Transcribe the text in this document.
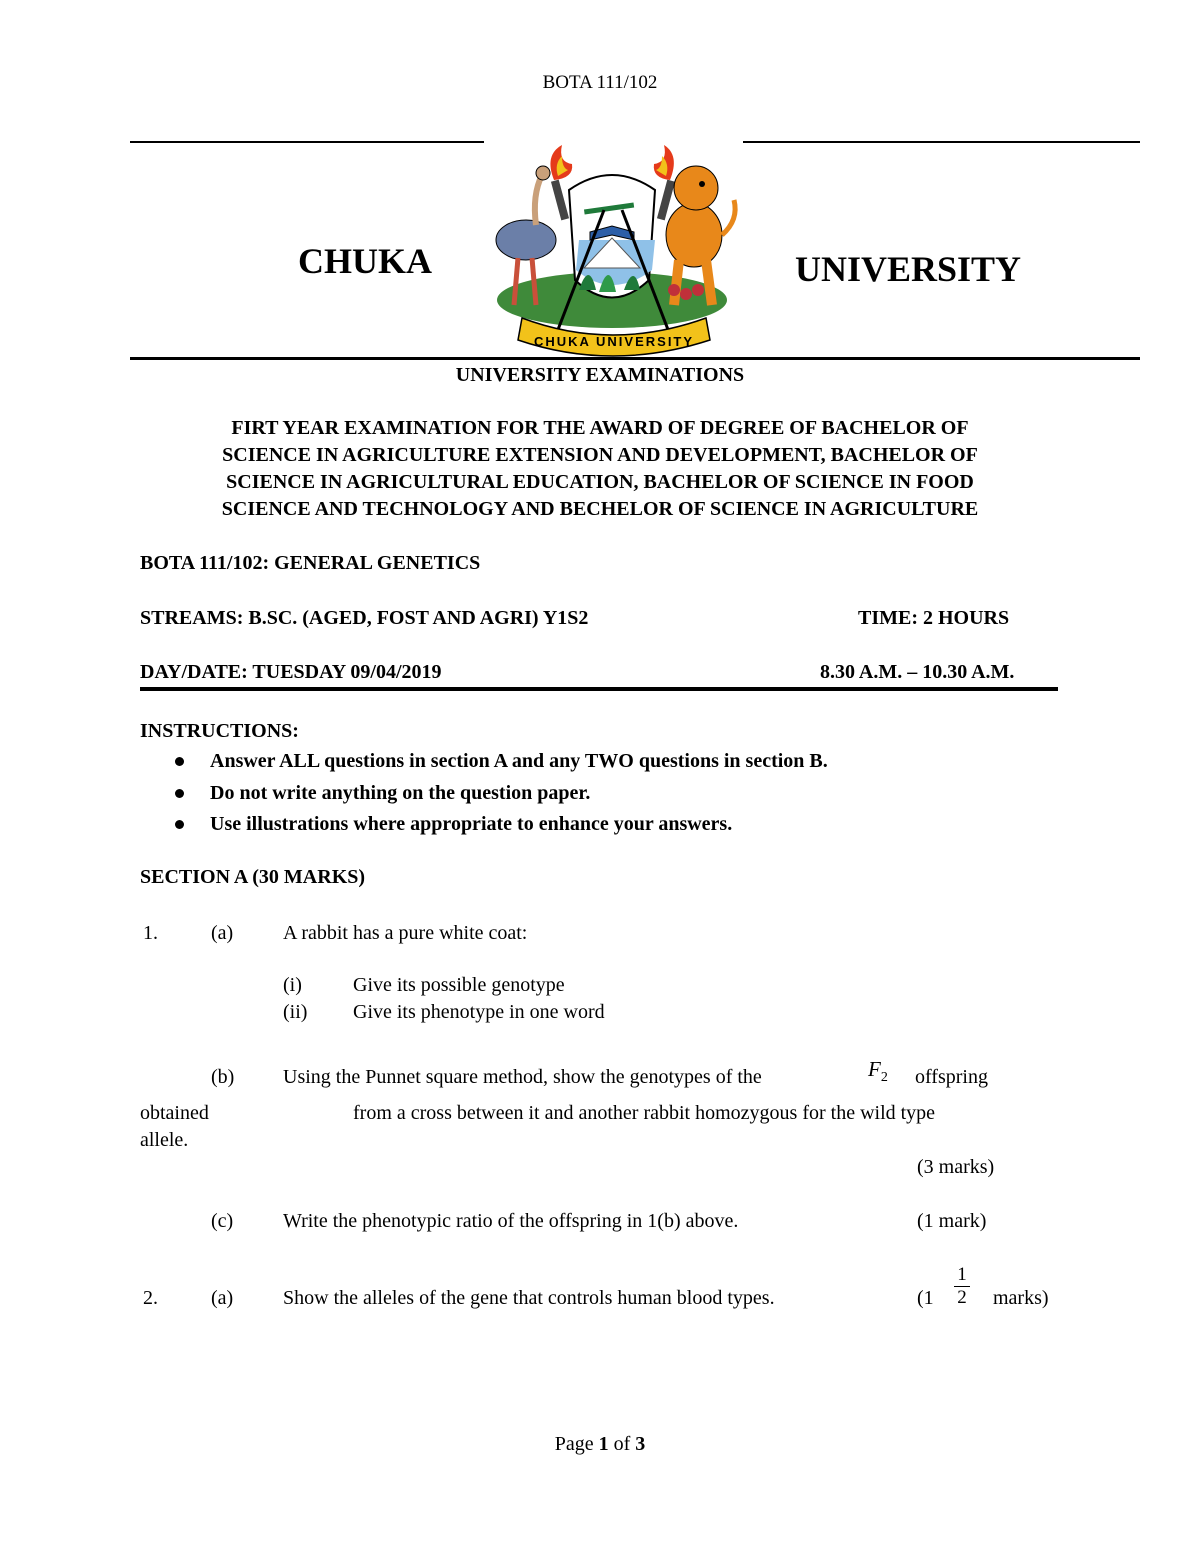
BOTA 111/102
CHUKA	UNIVERSITY
CHUKA UNIVERSITY
UNIVERSITY EXAMINATIONS
FIRT YEAR EXAMINATION FOR THE AWARD OF DEGREE OF BACHELOR OF
SCIENCE IN AGRICULTURE EXTENSION AND DEVELOPMENT, BACHELOR OF
SCIENCE IN AGRICULTURAL EDUCATION, BACHELOR OF SCIENCE IN FOOD
SCIENCE AND TECHNOLOGY AND BECHELOR OF SCIENCE IN AGRICULTURE
BOTA 111/102: GENERAL GENETICS
STREAMS: B.SC. (AGED, FOST AND AGRI) Y1S2	TIME: 2 HOURS
DAY/DATE: TUESDAY 09/04/2019	8.30 A.M. – 10.30 A.M.
INSTRUCTIONS:
Answer ALL questions in section A and any TWO questions in section B.
Do not write anything on the question paper.
Use illustrations where appropriate to enhance your answers.
SECTION A (30 MARKS)
1.	(a) A rabbit has a pure white coat:
(i)	Give its possible genotype
(ii) Give its phenotype in one word
(b) Using the Punnet square method, show the genotypes of the	$F_2$ offspring
obtained	from a cross between it and another rabbit homozygous for the wild type
allele.
(3 marks)
(c) Write the phenotypic ratio of the offspring in 1(b) above.	(1 mark)
2.	(a) Show the alleles of the gene that controls human blood types.	(1
1
2 marks)
Page 1 of 3
